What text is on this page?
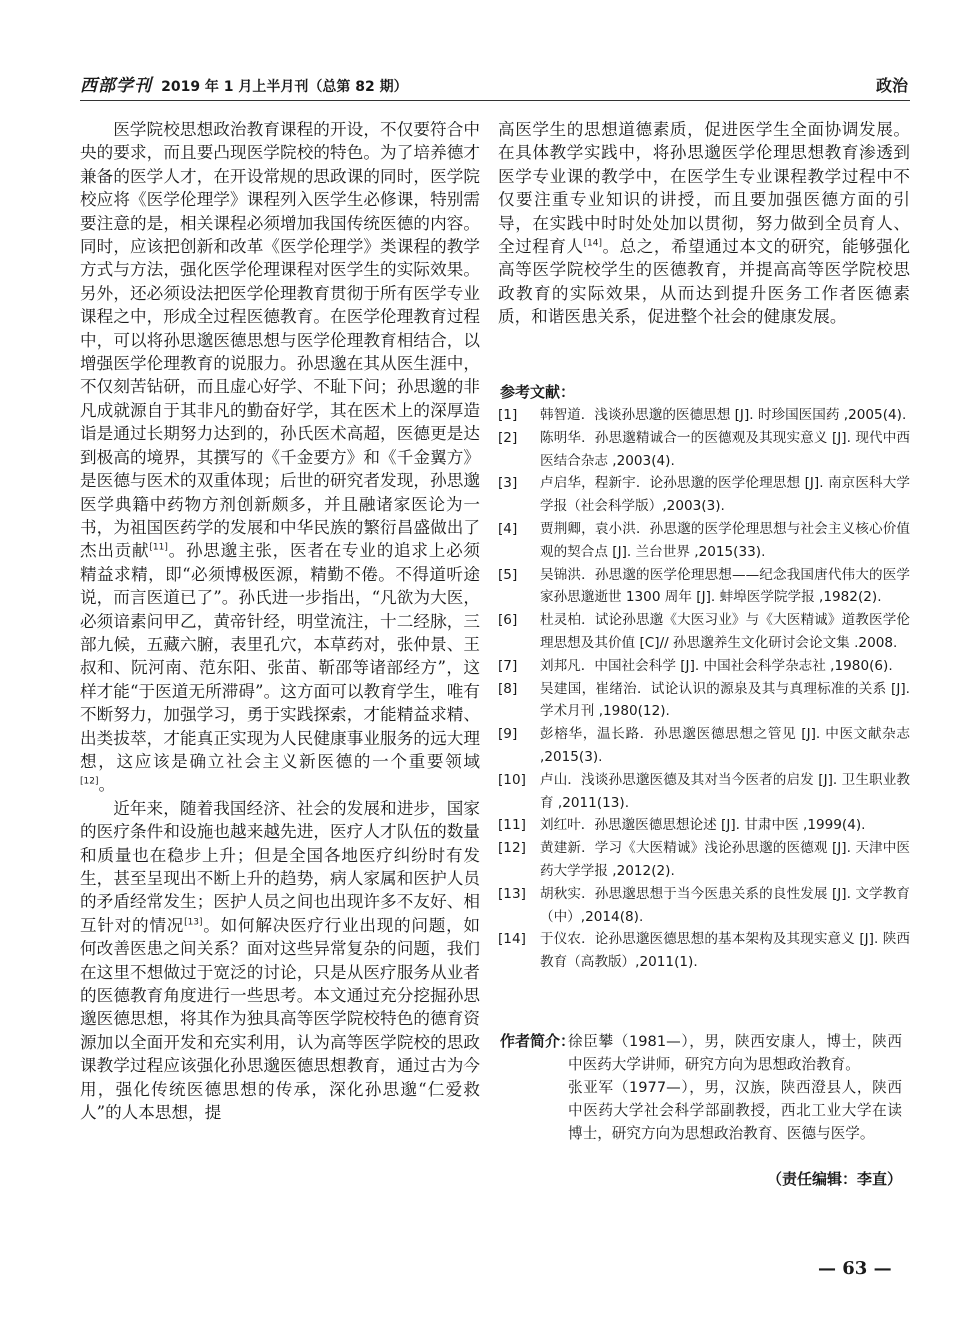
西部学刊 2019 年 1 月上半月刊（总第 82 期）	政治

医学院校思想政治教育课程的开设，不仅要符合中央的要求，而且要凸现医学院校的特色。为了培养德才兼备的医学人才，在开设常规的思政课的同时，医学院校应将《医学伦理学》课程列入医学生必修课，特别需要注意的是，相关课程必须增加我国传统医德的内容。同时，应该把创新和改革《医学伦理学》类课程的教学方式与方法，强化医学伦理课程对医学生的实际效果。另外，还必须设法把医学伦理教育贯彻于所有医学专业课程之中，形成全过程医德教育。在医学伦理教育过程中，可以将孙思邈医德思想与医学伦理教育相结合，以增强医学伦理教育的说服力。孙思邈在其从医生涯中，不仅刻苦钻研，而且虚心好学、不耻下问；孙思邈的非凡成就源自于其非凡的勤奋好学，其在医术上的深厚造诣是通过长期努力达到的，孙氏医术高超，医德更是达到极高的境界，其撰写的《千金要方》和《千金翼方》是医德与医术的双重体现；后世的研究者发现，孙思邈医学典籍中药物方剂创新颇多，并且融诸家医论为一书，为祖国医药学的发展和中华民族的繁衍昌盛做出了杰出贡献[11]。孙思邈主张，医者在专业的追求上必须精益求精，即“必须博极医源，精勤不倦。不得道听途说，而言医道已了”。孙氏进一步指出，“凡欲为大医，必须谙素问甲乙，黄帝针经，明堂流注，十二经脉，三部九候，五藏六腑，表里孔穴，本草药对，张仲景、王叔和、阮河南、范东阳、张苗、靳邵等诸部经方”，这样才能“于医道无所滞碍”。这方面可以教育学生，唯有不断努力，加强学习，勇于实践探索，才能精益求精、出类拔萃，才能真正实现为人民健康事业服务的远大理想，这应该是确立社会主义新医德的一个重要领域[12]。

近年来，随着我国经济、社会的发展和进步，国家的医疗条件和设施也越来越先进，医疗人才队伍的数量和质量也在稳步上升；但是全国各地医疗纠纷时有发生，甚至呈现出不断上升的趋势，病人家属和医护人员的矛盾经常发生；医护人员之间也出现许多不友好、相互针对的情况[13]。如何解决医疗行业出现的问题，如何改善医患之间关系？面对这些异常复杂的问题，我们在这里不想做过于宽泛的讨论，只是从医疗服务从业者的医德教育角度进行一些思考。本文通过充分挖掘孙思邈医德思想，将其作为独具高等医学院校特色的德育资源加以全面开发和充实利用，认为高等医学院校的思政课教学过程应该强化孙思邈医德思想教育，通过古为今用，强化传统医德思想的传承，深化孙思邈“仁爱救人”的人本思想，提

高医学生的思想道德素质，促进医学生全面协调发展。在具体教学实践中，将孙思邈医学伦理思想教育渗透到医学专业课的教学中，在医学生专业课程教学过程中不仅要注重专业知识的讲授，而且要加强医德方面的引导，在实践中时时处处加以贯彻，努力做到全员育人、全过程育人[14]。总之，希望通过本文的研究，能够强化高等医学院校学生的医德教育，并提高高等医学院校思政教育的实际效果，从而达到提升医务工作者医德素质，和谐医患关系，促进整个社会的健康发展。

参考文献：
[1]	韩智道．浅谈孙思邈的医德思想 [J]. 时珍国医国药 ,2005(4).
[2]	陈明华．孙思邈精诚合一的医德观及其现实意义 [J]. 现代中西医结合杂志 ,2003(4).
[3]	卢启华，程新宇．论孙思邈的医学伦理思想 [J]. 南京医科大学学报（社会科学版）,2003(3).
[4]	贾荆卿，袁小洪．孙思邈的医学伦理思想与社会主义核心价值观的契合点 [J]. 兰台世界 ,2015(33).
[5]	吴锦洪．孙思邈的医学伦理思想——纪念我国唐代伟大的医学家孙思邈逝世 1300 周年 [J]. 蚌埠医学院学报 ,1982(2).
[6]	杜灵柏．试论孙思邈《大医习业》与《大医精诚》道教医学伦理思想及其价值 [C]// 孙思邈养生文化研讨会论文集 .2008.
[7]	刘邦凡．中国社会科学 [J]. 中国社会科学杂志社 ,1980(6).
[8]	吴建国，崔绪治．试论认识的源泉及其与真理标准的关系 [J]. 学术月刊 ,1980(12).
[9]	彭榕华，温长路．孙思邈医德思想之管见 [J]. 中医文献杂志 ,2015(3).
[10]	卢山．浅谈孙思邈医德及其对当今医者的启发 [J]. 卫生职业教育 ,2011(13).
[11]	刘红叶．孙思邈医德思想论述 [J]. 甘肃中医 ,1999(4).
[12]	黄建新．学习《大医精诚》浅论孙思邈的医德观 [J]. 天津中医药大学学报 ,2012(2).
[13]	胡秋实．孙思邈思想于当今医患关系的良性发展 [J]. 文学教育（中）,2014(8).
[14]	于仪农．论孙思邈医德思想的基本架构及其现实意义 [J]. 陕西教育（高教版）,2011(1).
作者简介：

徐臣攀（1981—），男，陕西安康人，博士，陕西中医药大学讲师，研究方向为思想政治教育。

张亚军（1977—），男，汉族，陕西澄县人，陕西中医药大学社会科学部副教授，西北工业大学在读博士，研究方向为思想政治教育、医德与医学。

（责任编辑：李直）
— 63 —
